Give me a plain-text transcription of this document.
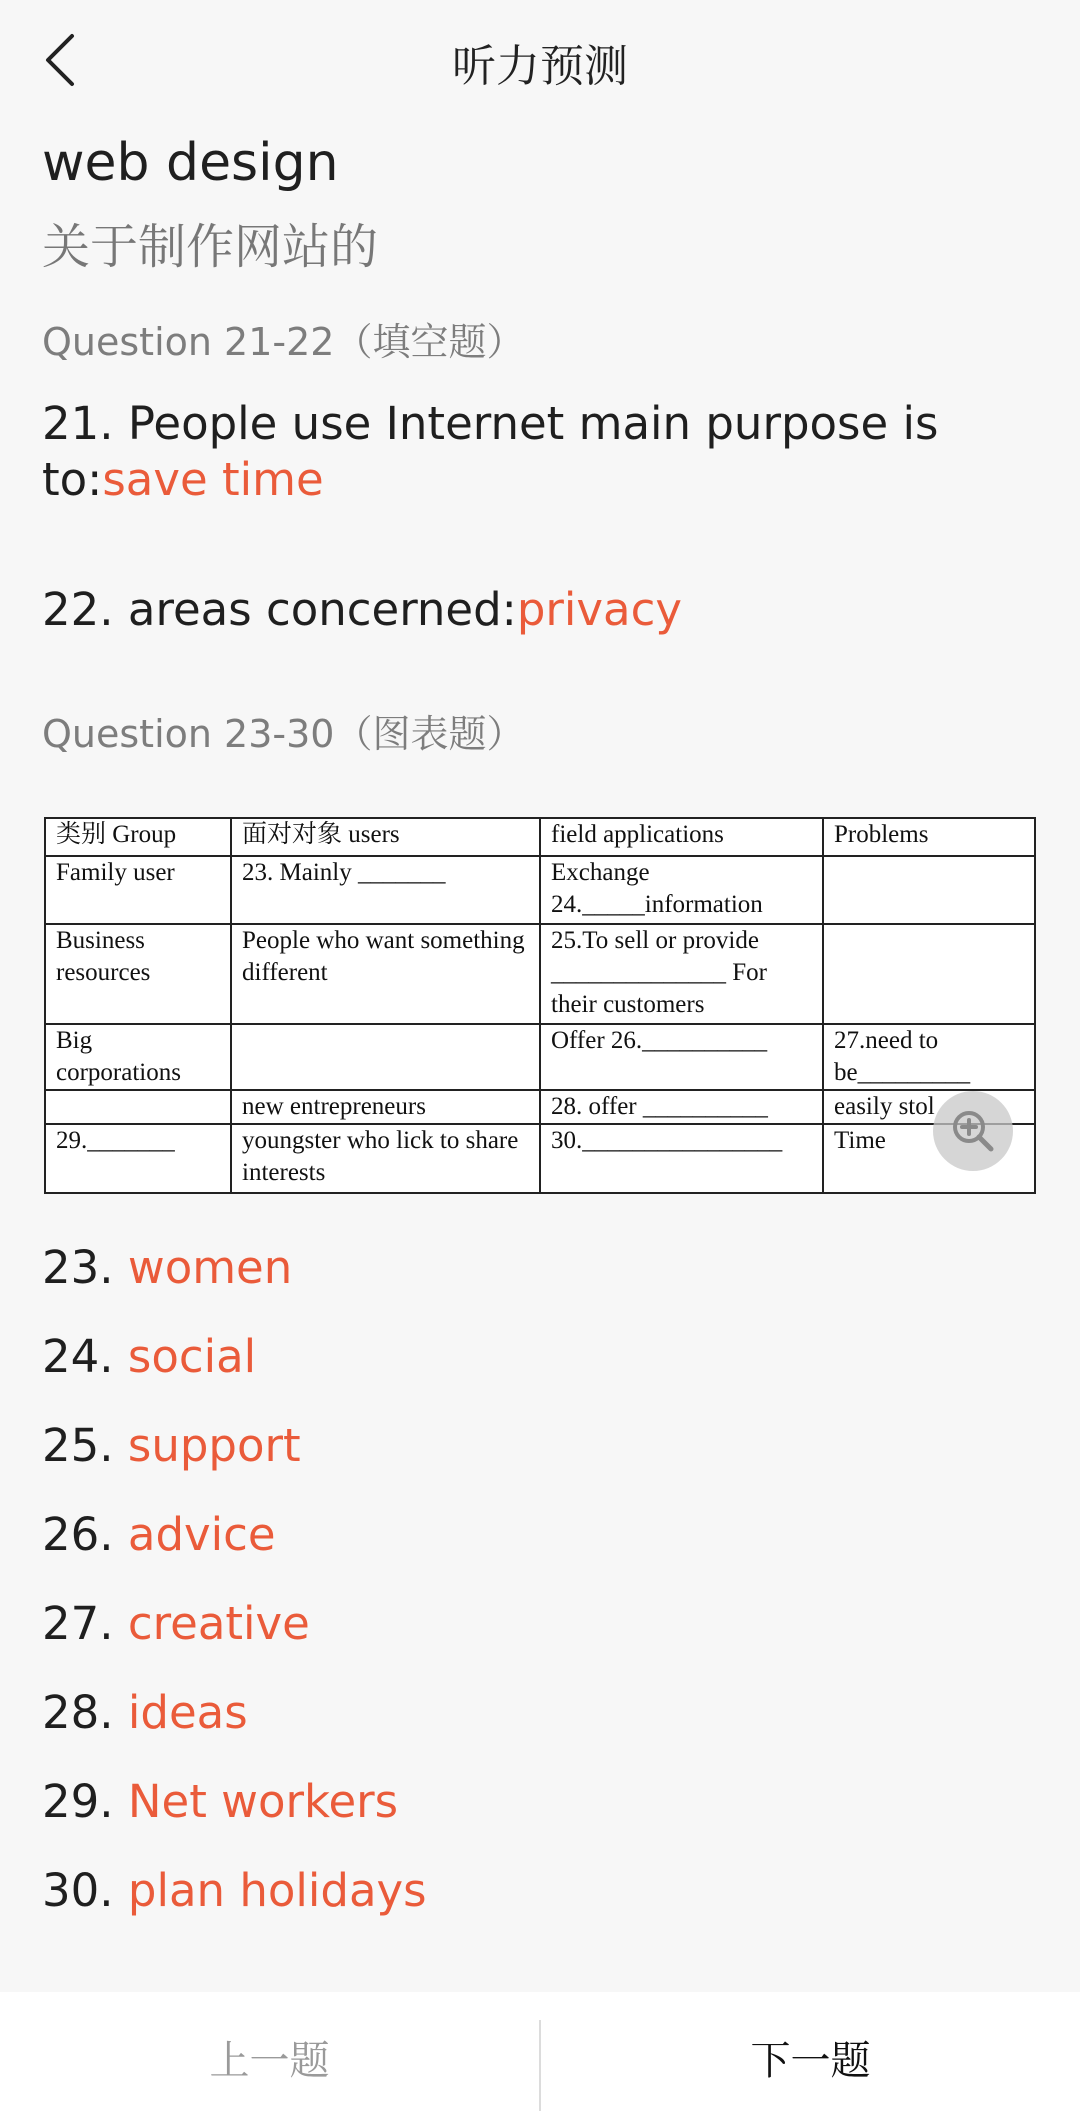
听力预测
web design
关于制作网站的
Question 21-22（填空题）
21. People use Internet main purpose is to:save time
22. areas concerned:privacy
Question 23-30（图表题）
类别 Group	面对对象 users	field applications	Problems
Family user	23. Mainly _______	Exchange 24._____information	
Business resources	People who want something different	25.To sell or provide ______________ For their customers	
Big corporations		Offer 26.__________	27.need to be_________
	new entrepreneurs	28. offer __________	easily stol
29._______	youngster who lick to share interests	30.________________	Time
23. women
24. social
25. support
26. advice
27. creative
28. ideas
29. Net workers
30. plan holidays
上一题	下一题
